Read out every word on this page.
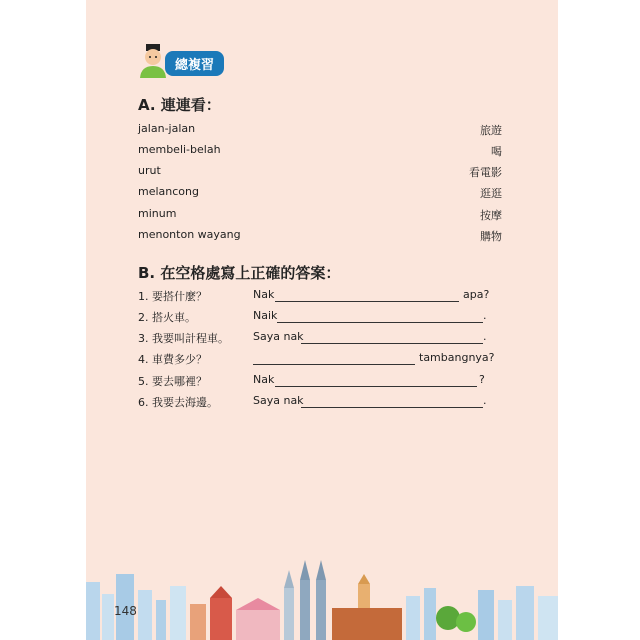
總複習
A. 連連看：
jalan-jalan	旅遊
membeli-belah	喝
urut	看電影
melancong	逛逛
minum	按摩
menonton wayang	購物
B. 在空格處寫上正確的答案：
1. 要搭什麼？	Nak	apa?
2. 搭火車。	Naik	.
3. 我要叫計程車。 Saya nak	.
4. 車費多少？	tambangnya?
5. 要去哪裡？	Nak	?
6. 我要去海邊。	Saya nak	.
148
